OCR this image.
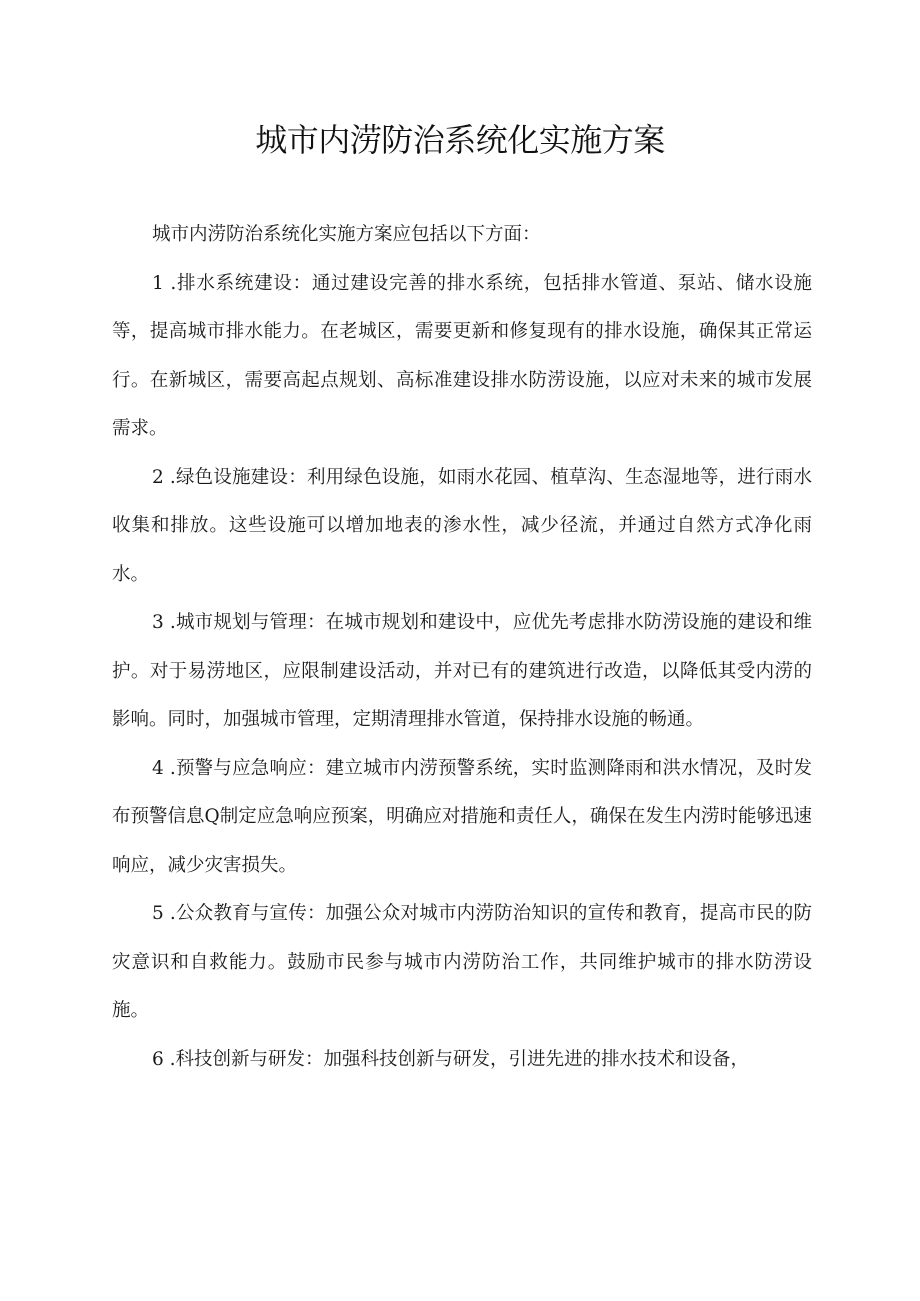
城市内涝防治系统化实施方案

城市内涝防治系统化实施方案应包括以下方面：

1 .排水系统建设：通过建设完善的排水系统，包括排水管道、泵站、储水设施等，提高城市排水能力。在老城区，需要更新和修复现有的排水设施，确保其正常运行。在新城区，需要高起点规划、高标准建设排水防涝设施，以应对未来的城市发展需求。

2 .绿色设施建设：利用绿色设施，如雨水花园、植草沟、生态湿地等，进行雨水收集和排放。这些设施可以增加地表的渗水性，减少径流，并通过自然方式净化雨水。

3 .城市规划与管理：在城市规划和建设中，应优先考虑排水防涝设施的建设和维护。对于易涝地区，应限制建设活动，并对已有的建筑进行改造，以降低其受内涝的影响。同时，加强城市管理，定期清理排水管道，保持排水设施的畅通。

4 .预警与应急响应：建立城市内涝预警系统，实时监测降雨和洪水情况，及时发布预警信息Q制定应急响应预案，明确应对措施和责任人，确保在发生内涝时能够迅速响应，减少灾害损失。

5 .公众教育与宣传：加强公众对城市内涝防治知识的宣传和教育，提高市民的防灾意识和自救能力。鼓励市民参与城市内涝防治工作，共同维护城市的排水防涝设施。

6 .科技创新与研发：加强科技创新与研发，引进先进的排水技术和设备，
